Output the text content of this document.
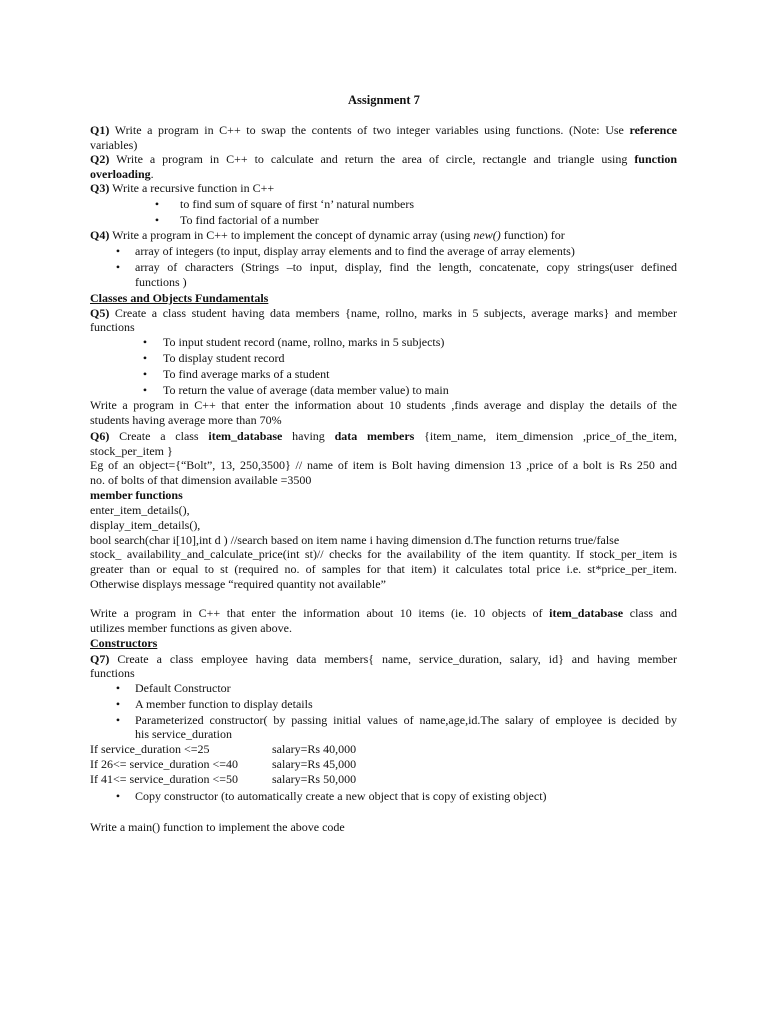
Assignment 7
Q1) Write a program in C++ to swap the contents of two integer variables using functions. (Note: Use reference
variables)
Q2) Write a program in C++ to calculate and return the area of circle, rectangle and triangle using function
overloading.
Q3) Write a recursive function in C++
• to find sum of square of first ‘n’ natural numbers
• To find factorial of a number
Q4) Write a program in C++ to implement the concept of dynamic array (using new() function) for
• array of integers (to input, display array elements and to find the average of array elements)
• array of characters (Strings –to input, display, find the length, concatenate, copy strings(user defined
functions )
Classes and Objects Fundamentals
Q5) Create a class student having data members {name, rollno, marks in 5 subjects, average marks} and member
functions
• To input student record (name, rollno, marks in 5 subjects)
• To display student record
• To find average marks of a student
• To return the value of average (data member value) to main
Write a program in C++ that enter the information about 10 students ,finds average and display the details of the
students having average more than 70%
Q6) Create a class item_database having data members {item_name, item_dimension ,price_of_the_item,
stock_per_item }
Eg of an object={“Bolt”, 13, 250,3500} // name of item is Bolt having dimension 13 ,price of a bolt is Rs 250 and
no. of bolts of that dimension available =3500
member functions
enter_item_details(),
display_item_details(),
bool search(char i[10],int d ) //search based on item name i having dimension d.The function returns true/false
stock_ availability_and_calculate_price(int st)// checks for the availability of the item quantity. If stock_per_item is
greater than or equal to st (required no. of samples for that item) it calculates total price i.e. st*price_per_item.
Otherwise displays message “required quantity not available”
Write a program in C++ that enter the information about 10 items (ie. 10 objects of item_database class and
utilizes member functions as given above.
Constructors
Q7) Create a class employee having data members{ name, service_duration, salary, id} and having member
functions
• Default Constructor
• A member function to display details
• Parameterized constructor( by passing initial values of name,age,id.The salary of employee is decided by
his service_duration
If service_duration <=25	salary=Rs 40,000
If 26<= service_duration <=40	salary=Rs 45,000
If 41<= service_duration <=50	salary=Rs 50,000
• Copy constructor (to automatically create a new object that is copy of existing object)
Write a main() function to implement the above code
